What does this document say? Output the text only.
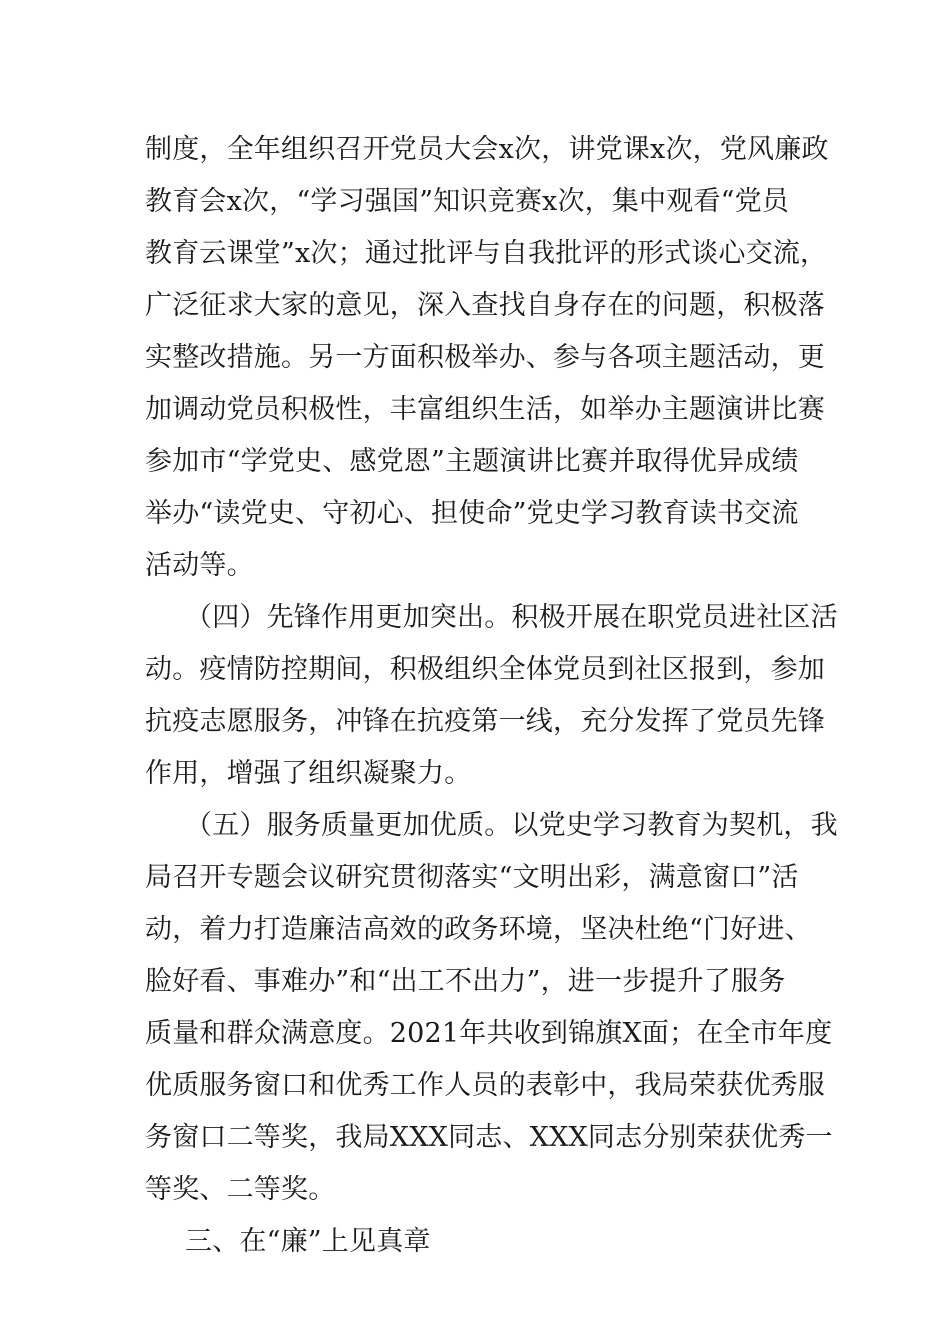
制度，全年组织召开党员大会x次，讲党课x次，党风廉政
教育会x次，“学习强国”知识竞赛x次，集中观看“党员
教育云课堂”x次；通过批评与自我批评的形式谈心交流，
广泛征求大家的意见，深入查找自身存在的问题，积极落
实整改措施。另一方面积极举办、参与各项主题活动，更
加调动党员积极性，丰富组织生活，如举办主题演讲比赛
参加市“学党史、感党恩”主题演讲比赛并取得优异成绩
举办“读党史、守初心、担使命”党史学习教育读书交流
活动等。
（四）先锋作用更加突出。积极开展在职党员进社区活
动。疫情防控期间，积极组织全体党员到社区报到，参加
抗疫志愿服务，冲锋在抗疫第一线，充分发挥了党员先锋
作用，增强了组织凝聚力。
（五）服务质量更加优质。以党史学习教育为契机，我
局召开专题会议研究贯彻落实“文明出彩，满意窗口”活
动，着力打造廉洁高效的政务环境，坚决杜绝“门好进、
脸好看、事难办”和“出工不出力”，进一步提升了服务
质量和群众满意度。2021年共收到锦旗X面；在全市年度
优质服务窗口和优秀工作人员的表彰中，我局荣获优秀服
务窗口二等奖，我局XXX同志、XXX同志分别荣获优秀一
等奖、二等奖。
三、在“廉”上见真章
